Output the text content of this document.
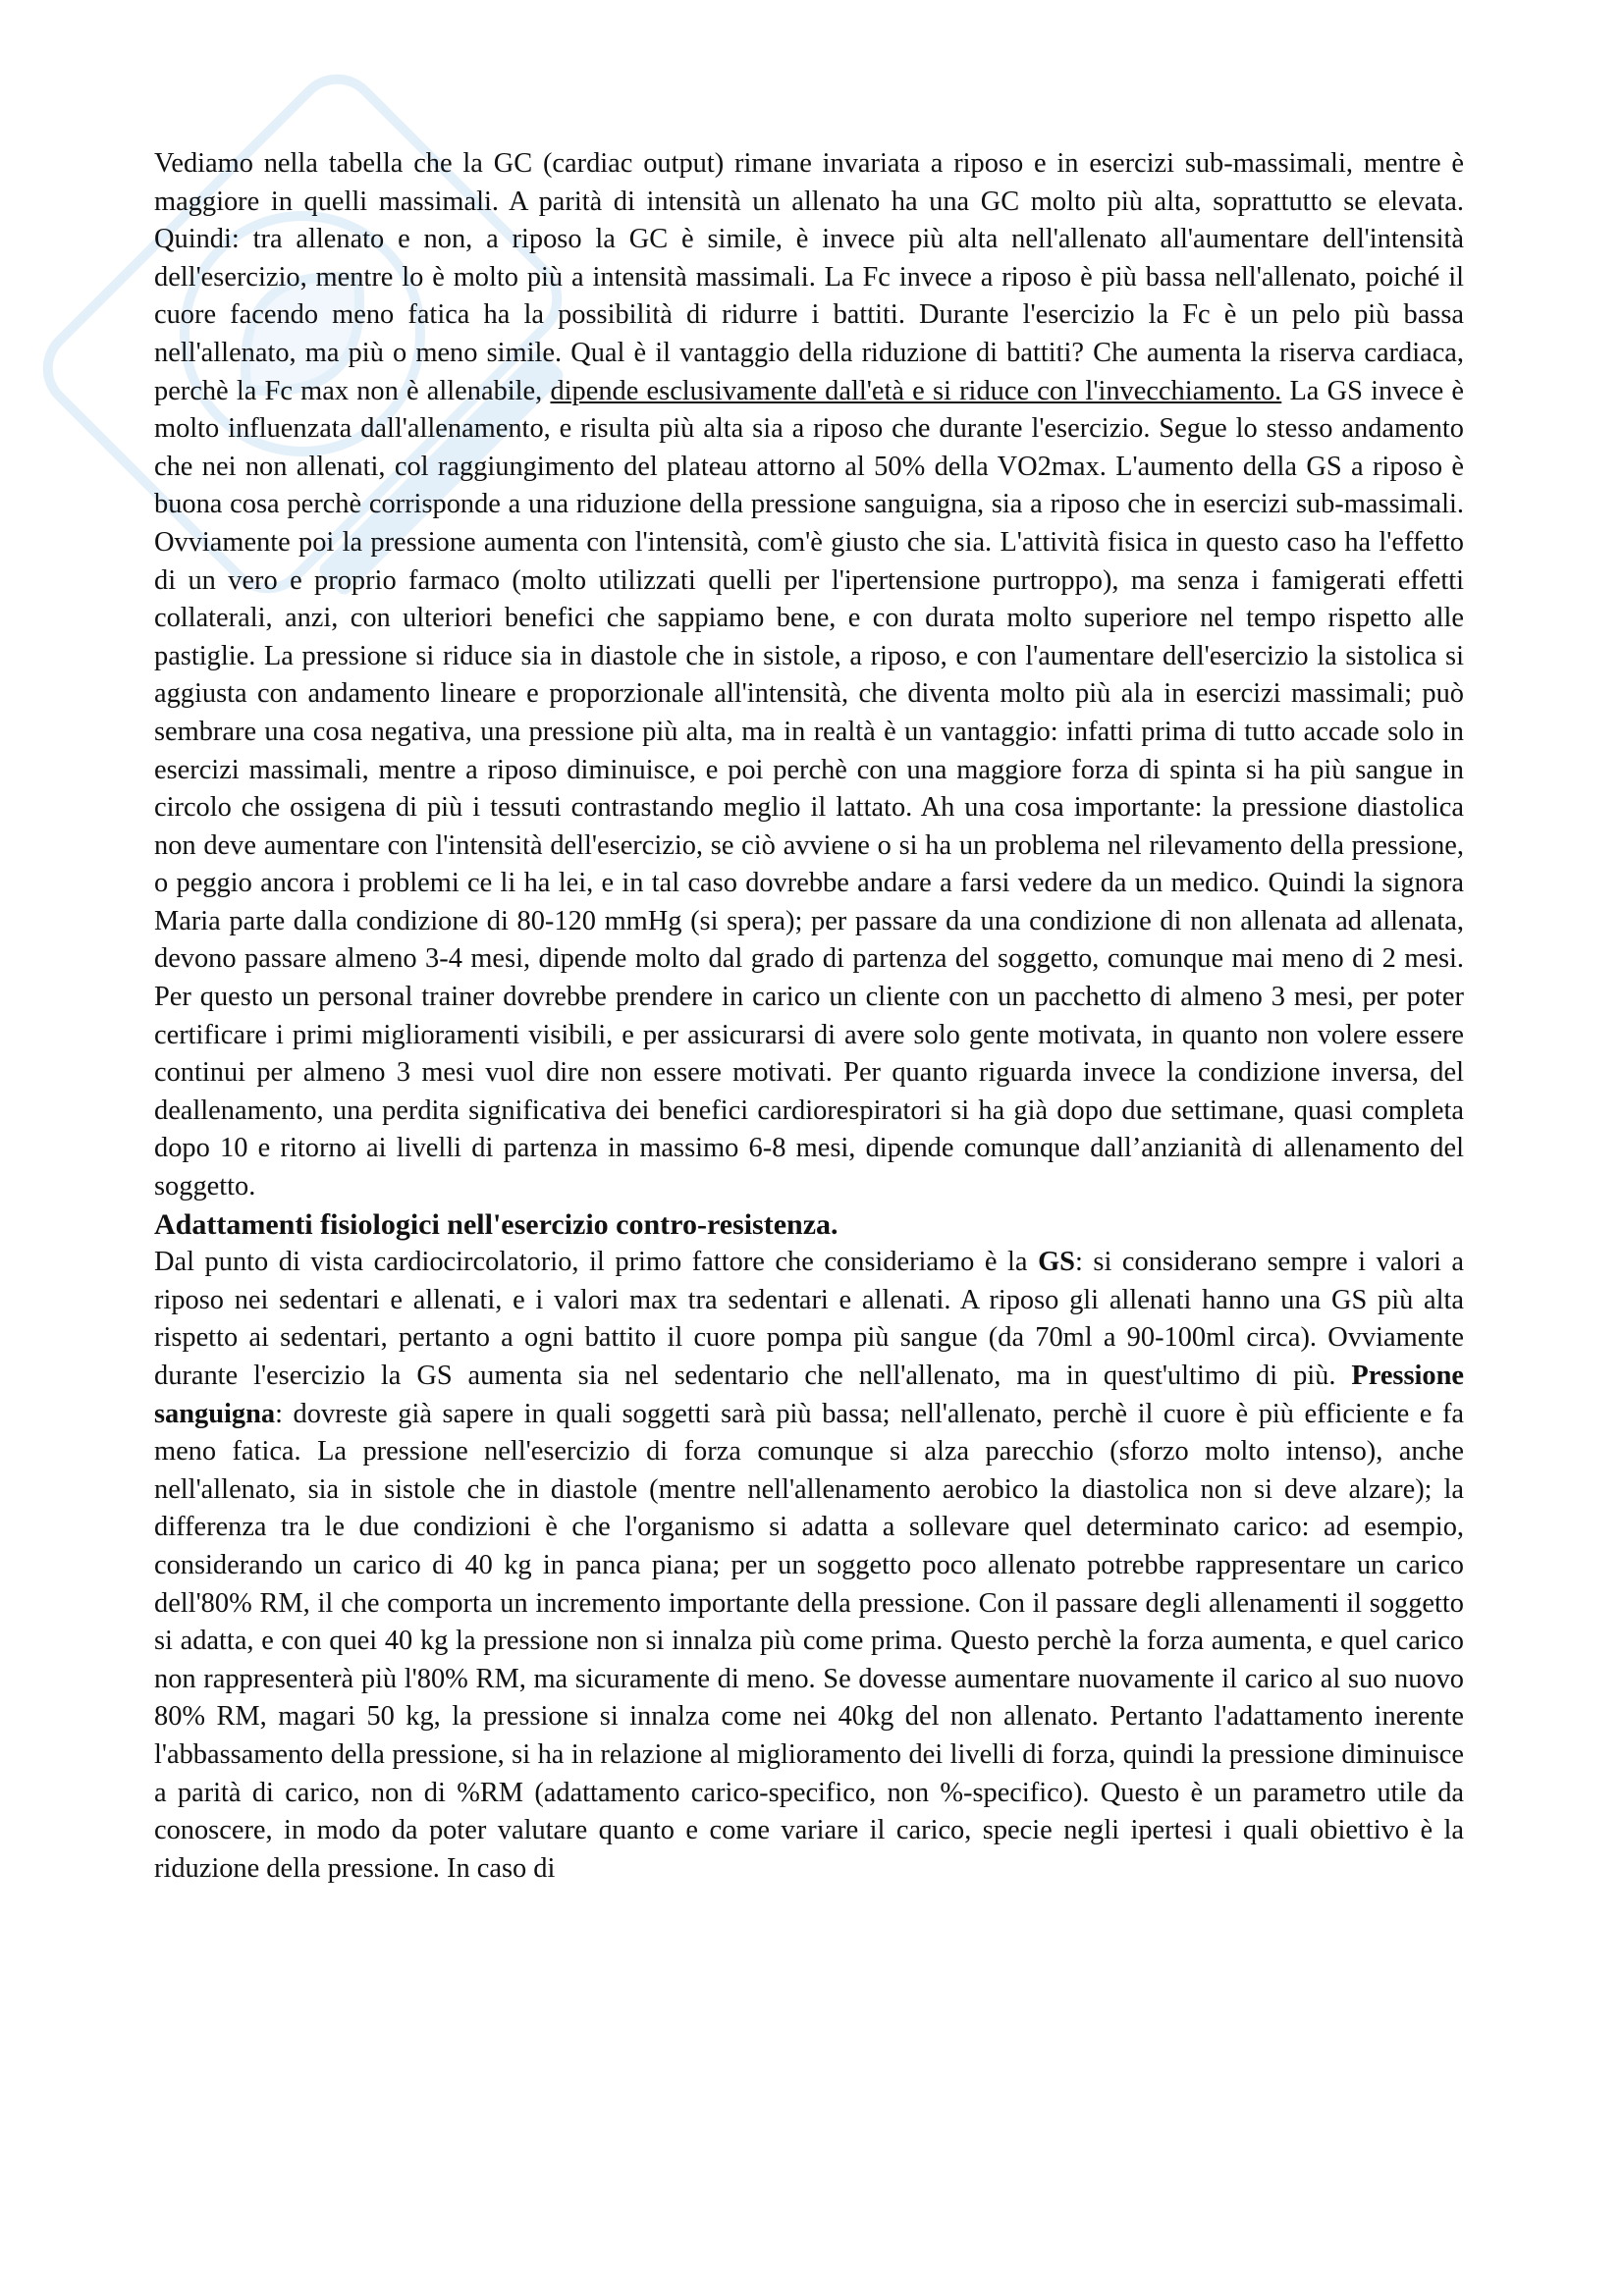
Vediamo nella tabella che la GC (cardiac output) rimane invariata a riposo e in esercizi sub-massimali, mentre è maggiore in quelli massimali. A parità di intensità un allenato ha una GC molto più alta, soprattutto se elevata. Quindi: tra allenato e non, a riposo la GC è simile, è invece più alta nell'allenato all'aumentare dell'intensità dell'esercizio, mentre lo è molto più a intensità massimali. La Fc invece a riposo è più bassa nell'allenato, poiché il cuore facendo meno fatica ha la possibilità di ridurre i battiti. Durante l'esercizio la Fc è un pelo più bassa nell'allenato, ma più o meno simile. Qual è il vantaggio della riduzione di battiti? Che aumenta la riserva cardiaca, perchè la Fc max non è allenabile, dipende esclusivamente dall'età e si riduce con l'invecchiamento. La GS invece è molto influenzata dall'allenamento, e risulta più alta sia a riposo che durante l'esercizio. Segue lo stesso andamento che nei non allenati, col raggiungimento del plateau attorno al 50% della VO2max. L'aumento della GS a riposo è buona cosa perchè corrisponde a una riduzione della pressione sanguigna, sia a riposo che in esercizi sub-massimali. Ovviamente poi la pressione aumenta con l'intensità, com'è giusto che sia. L'attività fisica in questo caso ha l'effetto di un vero e proprio farmaco (molto utilizzati quelli per l'ipertensione purtroppo), ma senza i famigerati effetti collaterali, anzi, con ulteriori benefici che sappiamo bene, e con durata molto superiore nel tempo rispetto alle pastiglie. La pressione si riduce sia in diastole che in sistole, a riposo, e con l'aumentare dell'esercizio la sistolica si aggiusta con andamento lineare e proporzionale all'intensità, che diventa molto più ala in esercizi massimali; può sembrare una cosa negativa, una pressione più alta, ma in realtà è un vantaggio: infatti prima di tutto accade solo in esercizi massimali, mentre a riposo diminuisce, e poi perchè con una maggiore forza di spinta si ha più sangue in circolo che ossigena di più i tessuti contrastando meglio il lattato. Ah una cosa importante: la pressione diastolica non deve aumentare con l'intensità dell'esercizio, se ciò avviene o si ha un problema nel rilevamento della pressione, o peggio ancora i problemi ce li ha lei, e in tal caso dovrebbe andare a farsi vedere da un medico. Quindi la signora Maria parte dalla condizione di 80-120 mmHg (si spera); per passare da una condizione di non allenata ad allenata, devono passare almeno 3-4 mesi, dipende molto dal grado di partenza del soggetto, comunque mai meno di 2 mesi. Per questo un personal trainer dovrebbe prendere in carico un cliente con un pacchetto di almeno 3 mesi, per poter certificare i primi miglioramenti visibili, e per assicurarsi di avere solo gente motivata, in quanto non volere essere continui per almeno 3 mesi vuol dire non essere motivati. Per quanto riguarda invece la condizione inversa, del deallenamento, una perdita significativa dei benefici cardiorespiratori si ha già dopo due settimane, quasi completa dopo 10 e ritorno ai livelli di partenza in massimo 6-8 mesi, dipende comunque dall’anzianità di allenamento del soggetto.

Adattamenti fisiologici nell'esercizio contro-resistenza.

Dal punto di vista cardiocircolatorio, il primo fattore che consideriamo è la GS: si considerano sempre i valori a riposo nei sedentari e allenati, e i valori max tra sedentari e allenati. A riposo gli allenati hanno una GS più alta rispetto ai sedentari, pertanto a ogni battito il cuore pompa più sangue (da 70ml a 90-100ml circa). Ovviamente durante l'esercizio la GS aumenta sia nel sedentario che nell'allenato, ma in quest'ultimo di più. Pressione sanguigna: dovreste già sapere in quali soggetti sarà più bassa; nell'allenato, perchè il cuore è più efficiente e fa meno fatica. La pressione nell'esercizio di forza comunque si alza parecchio (sforzo molto intenso), anche nell'allenato, sia in sistole che in diastole (mentre nell'allenamento aerobico la diastolica non si deve alzare); la differenza tra le due condizioni è che l'organismo si adatta a sollevare quel determinato carico: ad esempio, considerando un carico di 40 kg in panca piana; per un soggetto poco allenato potrebbe rappresentare un carico dell'80% RM, il che comporta un incremento importante della pressione. Con il passare degli allenamenti il soggetto si adatta, e con quei 40 kg la pressione non si innalza più come prima. Questo perchè la forza aumenta, e quel carico non rappresenterà più l'80% RM, ma sicuramente di meno. Se dovesse aumentare nuovamente il carico al suo nuovo 80% RM, magari 50 kg, la pressione si innalza come nei 40kg del non allenato. Pertanto l'adattamento inerente l'abbassamento della pressione, si ha in relazione al miglioramento dei livelli di forza, quindi la pressione diminuisce a parità di carico, non di %RM (adattamento carico-specifico, non %-specifico). Questo è un parametro utile da conoscere, in modo da poter valutare quanto e come variare il carico, specie negli ipertesi i quali obiettivo è la riduzione della pressione. In caso di
